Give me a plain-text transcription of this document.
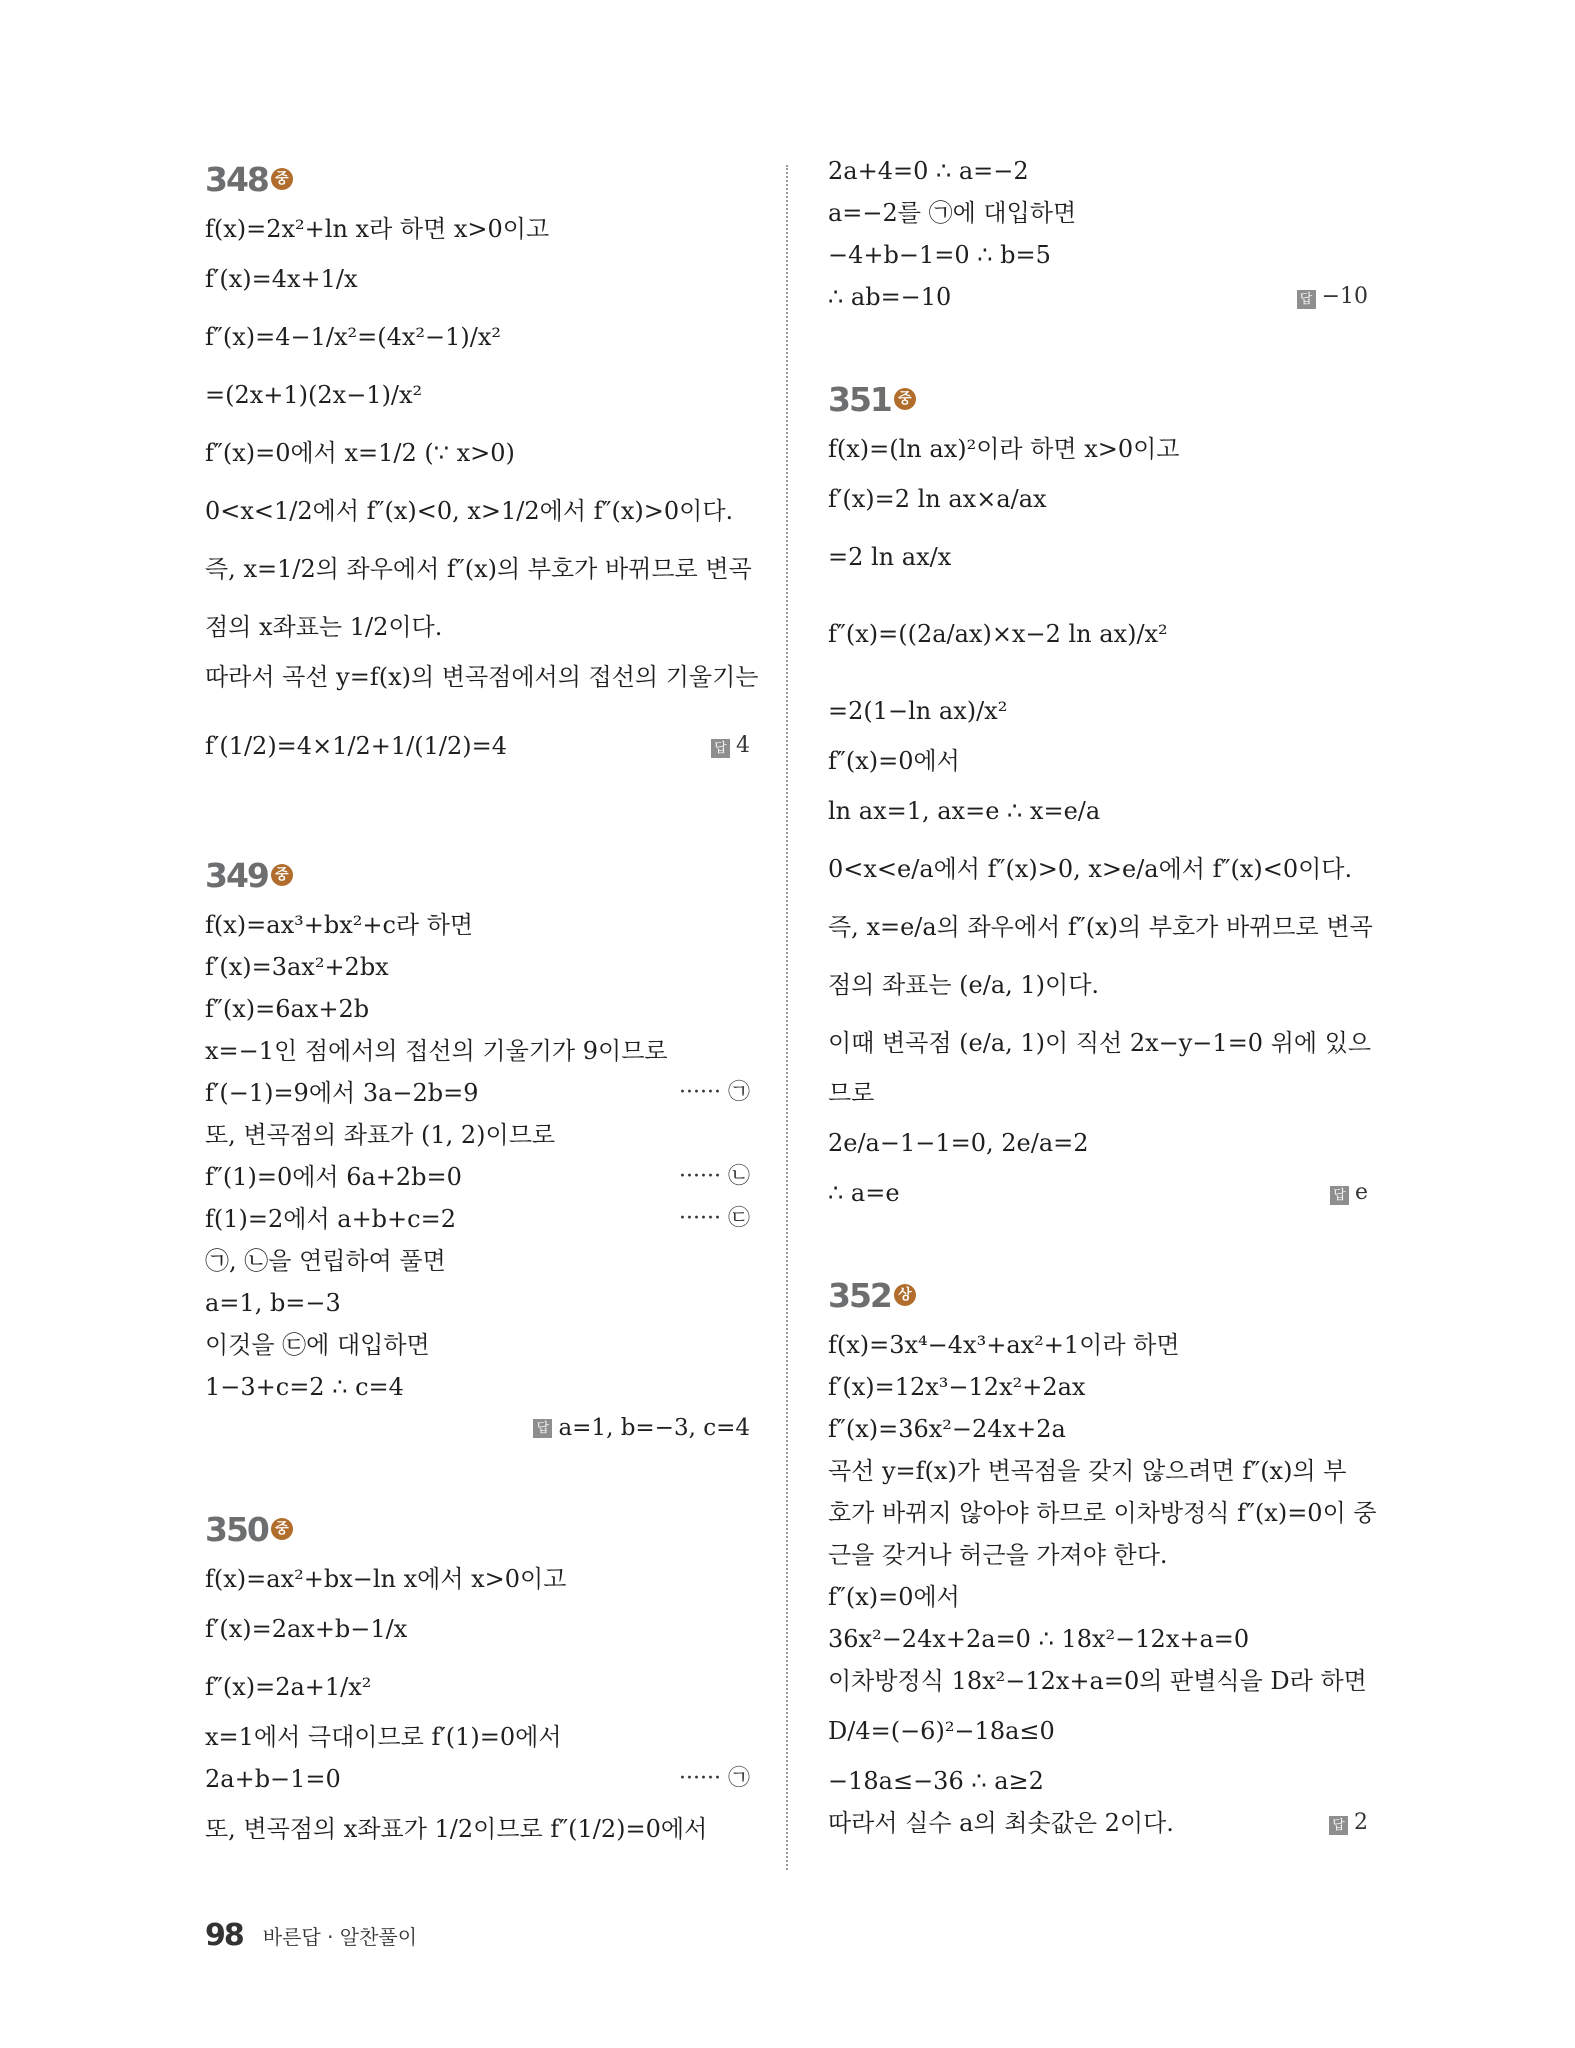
348 중
f(x)=2x²+ln x라 하면 x>0이고
f′(x)=4x+1/x
f″(x)=4−1/x²=(4x²−1)/x²
=(2x+1)(2x−1)/x²
f″(x)=0에서 x=1/2 (∵ x>0)
0<x<1/2에서 f″(x)<0, x>1/2에서 f″(x)>0이다.
즉, x=1/2의 좌우에서 f″(x)의 부호가 바뀌므로 변곡
점의 x좌표는 1/2이다.
따라서 곡선 y=f(x)의 변곡점에서의 접선의 기울기는
f′(1/2)=4×1/2+1/(1/2)=4	답 4
349 중
f(x)=ax³+bx²+c라 하면
f′(x)=3ax²+2bx
f″(x)=6ax+2b
x=−1인 점에서의 접선의 기울기가 9이므로
f′(−1)=9에서 3a−2b=9	······ ㉠
또, 변곡점의 좌표가 (1, 2)이므로
f″(1)=0에서 6a+2b=0	······ ㉡
f(1)=2에서 a+b+c=2	······ ㉢
㉠, ㉡을 연립하여 풀면
a=1, b=−3
이것을 ㉢에 대입하면
1−3+c=2 ∴ c=4
답 a=1, b=−3, c=4
350 중
f(x)=ax²+bx−ln x에서 x>0이고
f′(x)=2ax+b−1/x
f″(x)=2a+1/x²
x=1에서 극대이므로 f′(1)=0에서
2a+b−1=0	······ ㉠
또, 변곡점의 x좌표가 1/2이므로 f″(1/2)=0에서
2a+4=0 ∴ a=−2
a=−2를 ㉠에 대입하면
−4+b−1=0 ∴ b=5
∴ ab=−10	답 −10
351 중
f(x)=(ln ax)²이라 하면 x>0이고
f′(x)=2 ln ax×a/ax
=2 ln ax/x
f″(x)=((2a/ax)×x−2 ln ax)/x²
=2(1−ln ax)/x²
f″(x)=0에서
ln ax=1, ax=e ∴ x=e/a
0<x<e/a에서 f″(x)>0, x>e/a에서 f″(x)<0이다.
즉, x=e/a의 좌우에서 f″(x)의 부호가 바뀌므로 변곡
점의 좌표는 (e/a, 1)이다.
이때 변곡점 (e/a, 1)이 직선 2x−y−1=0 위에 있으
므로
2e/a−1−1=0, 2e/a=2
∴ a=e	답 e
352 상
f(x)=3x⁴−4x³+ax²+1이라 하면
f′(x)=12x³−12x²+2ax
f″(x)=36x²−24x+2a
곡선 y=f(x)가 변곡점을 갖지 않으려면 f″(x)의 부
호가 바뀌지 않아야 하므로 이차방정식 f″(x)=0이 중
근을 갖거나 허근을 가져야 한다.
f″(x)=0에서
36x²−24x+2a=0 ∴ 18x²−12x+a=0
이차방정식 18x²−12x+a=0의 판별식을 D라 하면
D/4=(−6)²−18a≤0
−18a≤−36 ∴ a≥2
따라서 실수 a의 최솟값은 2이다.	답 2
98 바른답 · 알찬풀이
